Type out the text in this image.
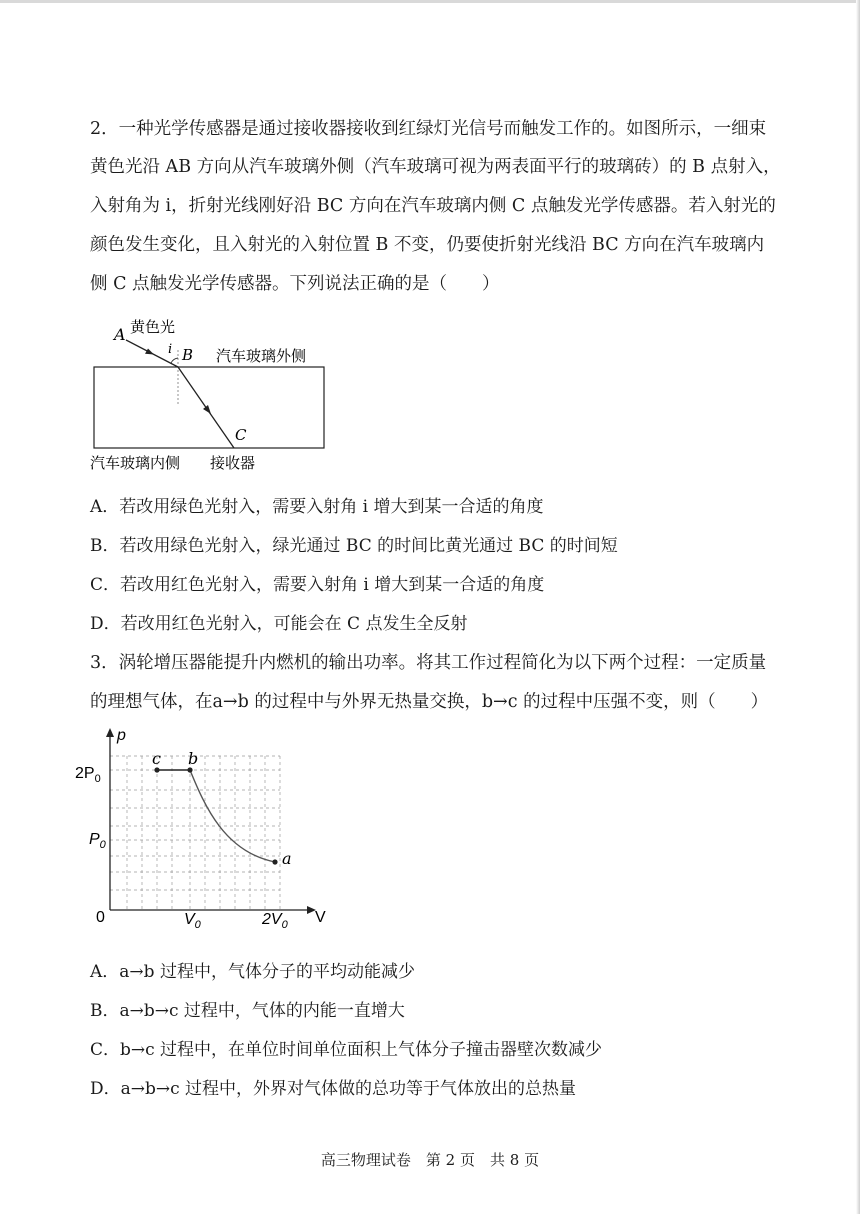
2．一种光学传感器是通过接收器接收到红绿灯光信号而触发工作的。如图所示，一细束
黄色光沿 AB 方向从汽车玻璃外侧（汽车玻璃可视为两表面平行的玻璃砖）的 B 点射入，
入射角为 i，折射光线刚好沿 BC 方向在汽车玻璃内侧 C 点触发光学传感器。若入射光的
颜色发生变化，且入射光的入射位置 B 不变，仍要使折射光线沿 BC 方向在汽车玻璃内
侧 C 点触发光学传感器。下列说法正确的是（　　）
A 黄色光
i B 汽车玻璃外侧
C
汽车玻璃内侧 接收器
A．若改用绿色光射入，需要入射角 i 增大到某一合适的角度
B．若改用绿色光射入，绿光通过 BC 的时间比黄光通过 BC 的时间短
C．若改用红色光射入，需要入射角 i 增大到某一合适的角度
D．若改用红色光射入，可能会在 C 点发生全反射
3．涡轮增压器能提升内燃机的输出功率。将其工作过程简化为以下两个过程：一定质量
的理想气体，在a→b 的过程中与外界无热量交换，b→c 的过程中压强不变，则（　　）
p
V
0
$2P_0$
$P_0$
$V_0$	$2V_0$
c b
a
A．a→b 过程中，气体分子的平均动能减少
B．a→b→c 过程中，气体的内能一直增大
C．b→c 过程中，在单位时间单位面积上气体分子撞击器壁次数减少
D．a→b→c 过程中，外界对气体做的总功等于气体放出的总热量
高三物理试卷　第 2 页　共 8 页
